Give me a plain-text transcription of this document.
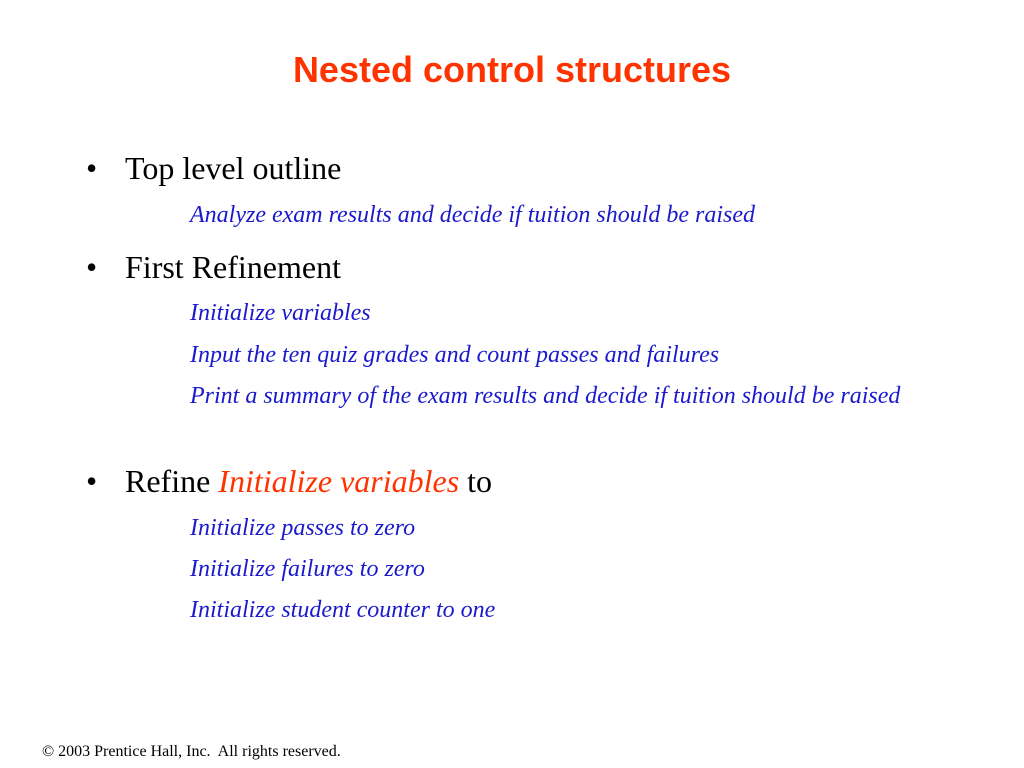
Nested control structures
• Top level outline
Analyze exam results and decide if tuition should be raised
• First Refinement
Initialize variables
Input the ten quiz grades and count passes and failures
Print a summary of the exam results and decide if tuition should be raised
• Refine Initialize variables to
Initialize passes to zero
Initialize failures to zero
Initialize student counter to one
© 2003 Prentice Hall, Inc.  All rights reserved.
